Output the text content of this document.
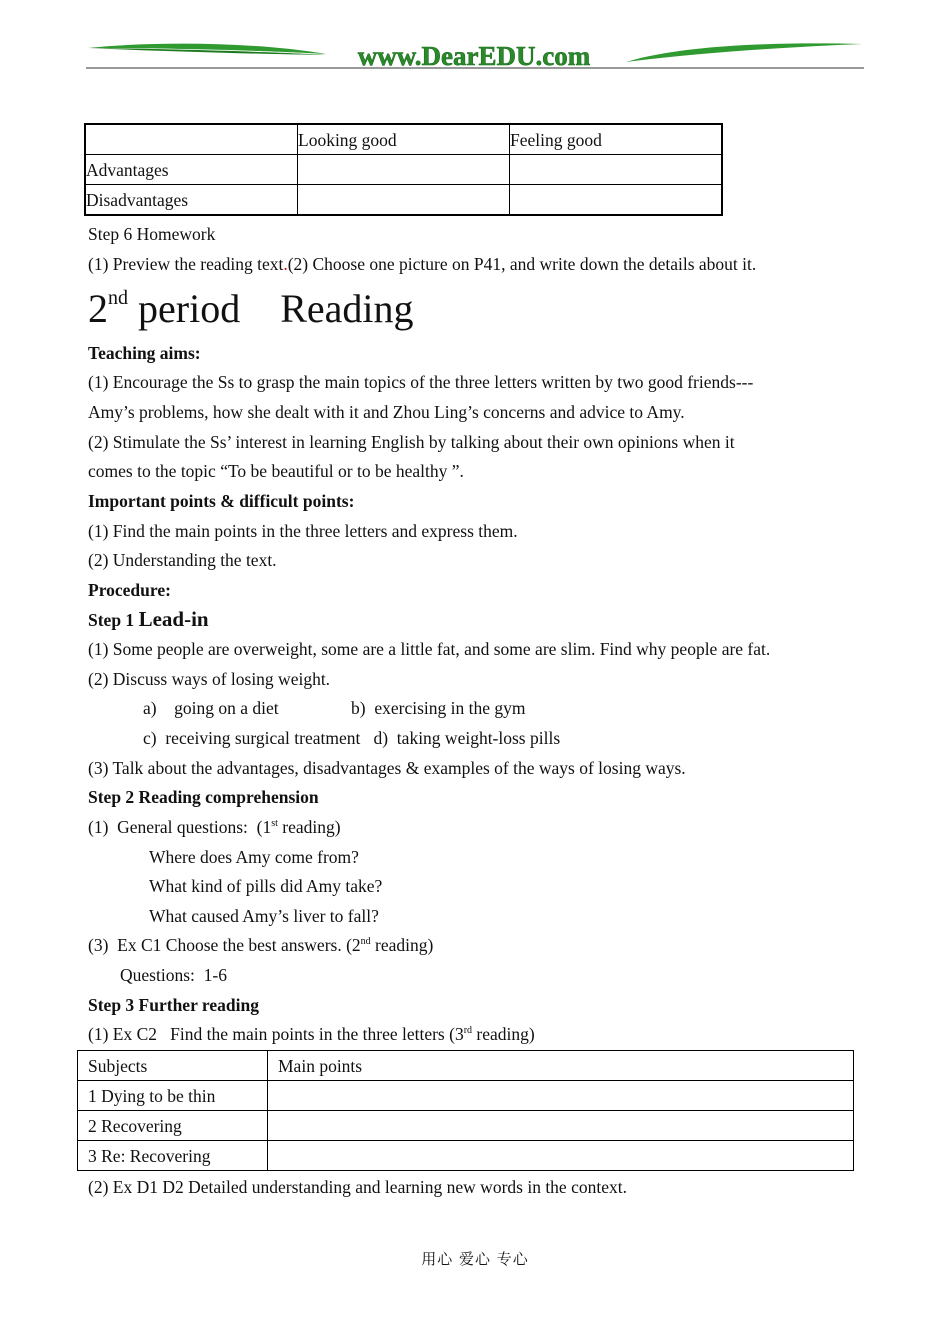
www.DearEDU.com
	Looking good	Feeling good
Advantages		
Disadvantages		
Step 6 Homework
(1) Preview the reading text.(2) Choose one picture on P41, and write down the details about it.
2nd period    Reading
Teaching aims:
(1) Encourage the Ss to grasp the main topics of the three letters written by two good friends---
Amy’s problems, how she dealt with it and Zhou Ling’s concerns and advice to Amy.
(2) Stimulate the Ss’ interest in learning English by talking about their own opinions when it
comes to the topic “To be beautiful or to be healthy ”.
Important points & difficult points:
(1) Find the main points in the three letters and express them.
(2) Understanding the text.
Procedure:
Step 1 Lead-in
(1) Some people are overweight, some are a little fat, and some are slim. Find why people are fat.
(2) Discuss ways of losing weight.
a)    going on a diet	b)  exercising in the gym
c)  receiving surgical treatment   d)  taking weight-loss pills
(3) Talk about the advantages, disadvantages & examples of the ways of losing ways.
Step 2 Reading comprehension
(1)  General questions:  (1st reading)
Where does Amy come from?
What kind of pills did Amy take?
What caused Amy’s liver to fall?
(3)  Ex C1 Choose the best answers. (2nd reading)
Questions:  1-6
Step 3 Further reading
(1) Ex C2   Find the main points in the three letters (3rd reading)
(2) Ex D1 D2 Detailed understanding and learning new words in the context.
Subjects	Main points
1 Dying to be thin	
2 Recovering	
3 Re: Recovering	
用心 爱心 专心
